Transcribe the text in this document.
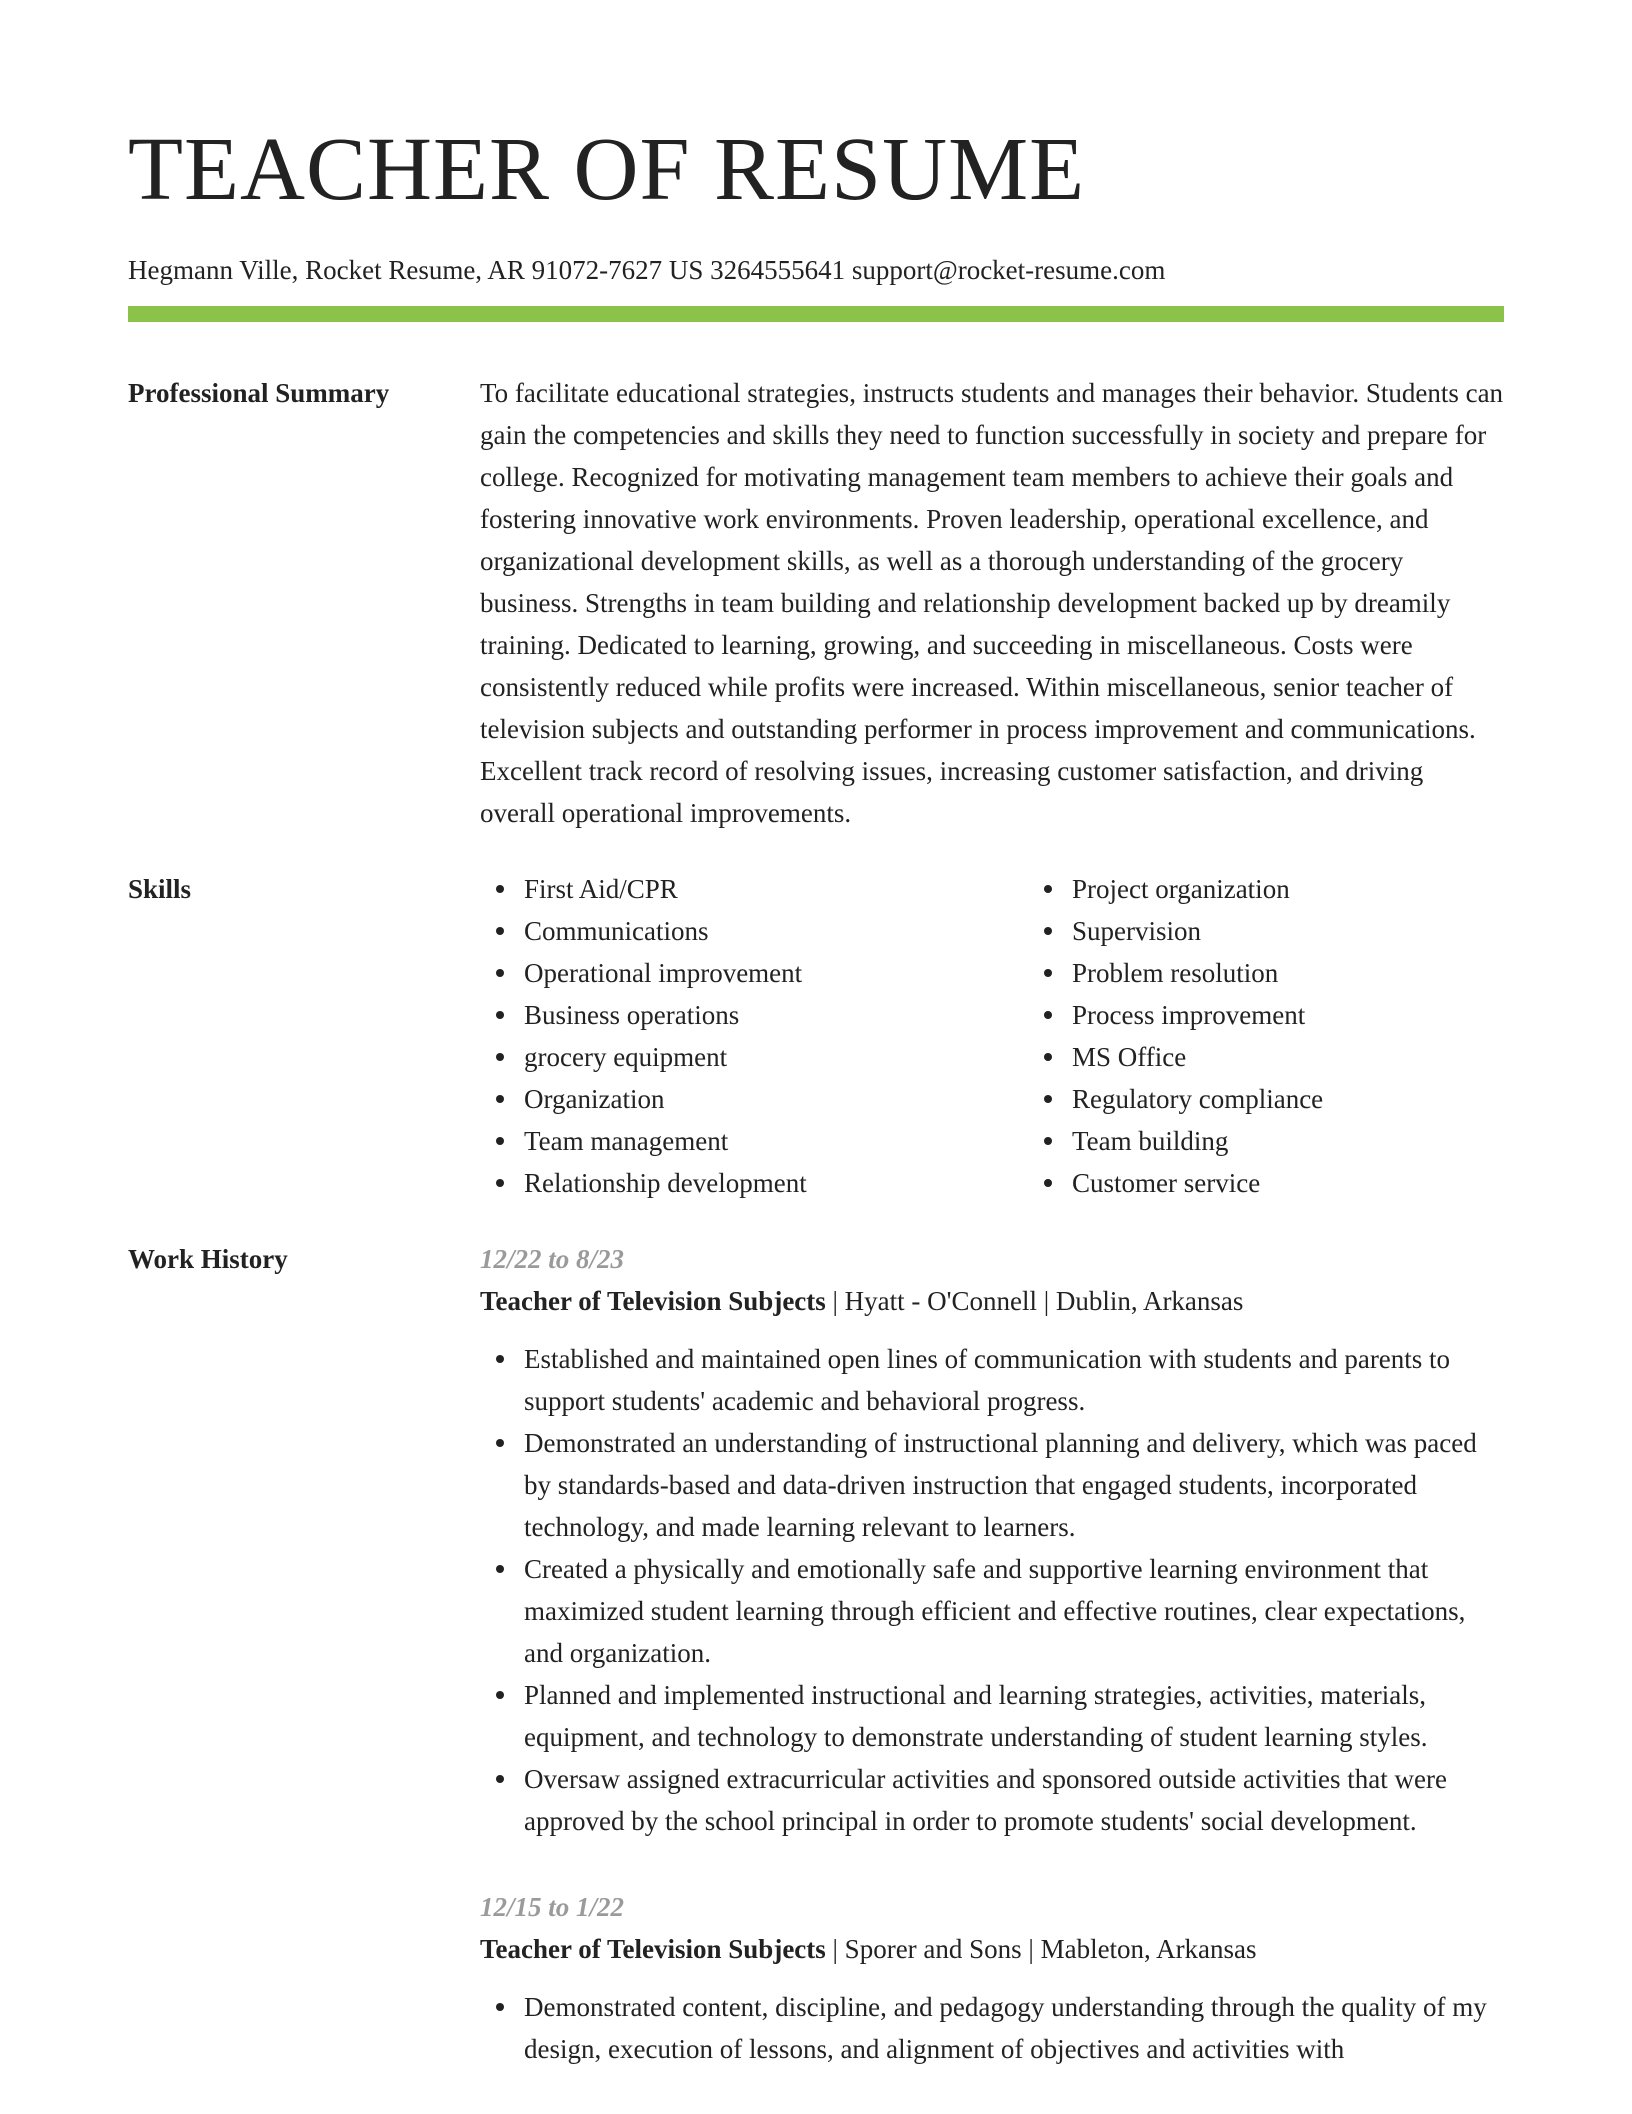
TEACHER OF RESUME
Hegmann Ville, Rocket Resume, AR 91072-7627 US 3264555641 support@rocket-resume.com
Professional Summary	To facilitate educational strategies, instructs students and manages their behavior. Students can gain the competencies and skills they need to function successfully in society and prepare for college. Recognized for motivating management team members to achieve their goals and fostering innovative work environments. Proven leadership, operational excellence, and organizational development skills, as well as a thorough understanding of the grocery business. Strengths in team building and relationship development backed up by dreamily training. Dedicated to learning, growing, and succeeding in miscellaneous. Costs were consistently reduced while profits were increased. Within miscellaneous, senior teacher of television subjects and outstanding performer in process improvement and communications. Excellent track record of resolving issues, increasing customer satisfaction, and driving overall operational improvements.

Skills	First Aid/CPR
Communications
Operational improvement
Business operations
grocery equipment
Organization
Team management
Relationship development
Project organization
Supervision
Problem resolution
Process improvement
MS Office
Regulatory compliance
Team building
Customer service
Work History	12/22 to 8/23
Teacher of Television Subjects | Hyatt - O'Connell | Dublin, Arkansas
Established and maintained open lines of communication with students and parents to support students' academic and behavioral progress.
Demonstrated an understanding of instructional planning and delivery, which was paced by standards-based and data-driven instruction that engaged students, incorporated technology, and made learning relevant to learners.
Created a physically and emotionally safe and supportive learning environment that maximized student learning through efficient and effective routines, clear expectations, and organization.
Planned and implemented instructional and learning strategies, activities, materials, equipment, and technology to demonstrate understanding of student learning styles.
Oversaw assigned extracurricular activities and sponsored outside activities that were approved by the school principal in order to promote students' social development.
12/15 to 1/22
Teacher of Television Subjects | Sporer and Sons | Mableton, Arkansas
Demonstrated content, discipline, and pedagogy understanding through the quality of my design, execution of lessons, and alignment of objectives and activities with
